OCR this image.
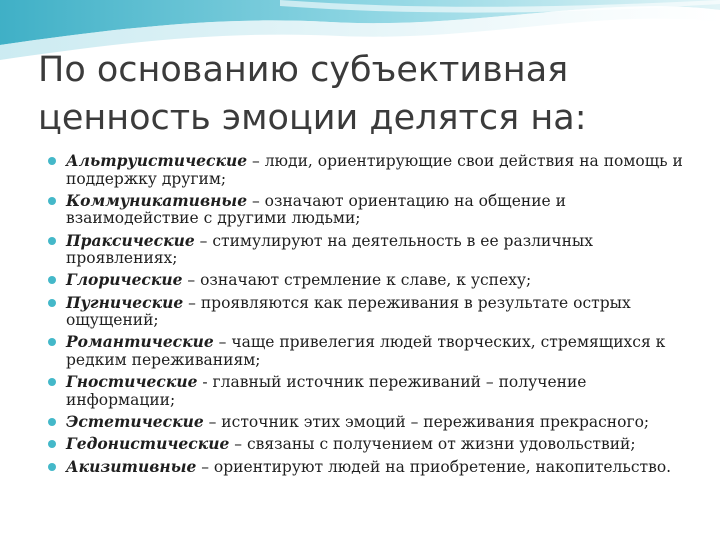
По основанию субъективная ценность эмоции делятся на:
Альтруистические – люди, ориентирующие свои действия на помощь и поддержку другим;
Коммуникативные – означают ориентацию на общение и взаимодействие с другими людьми;
Праксические – стимулируют на деятельность в ее различных проявлениях;
Глорические – означают стремление к славе, к успеху;
Пугнические – проявляются как переживания в результате острых ощущений;
Романтические – чаще привелегия людей творческих, стремящихся к редким переживаниям;
Гностические - главный источник переживаний – получение информации;
Эстетические – источник этих эмоций – переживания прекрасного;
Гедонистические – связаны с получением от жизни удовольствий;
Акизитивные – ориентируют людей на приобретение, накопительство.
